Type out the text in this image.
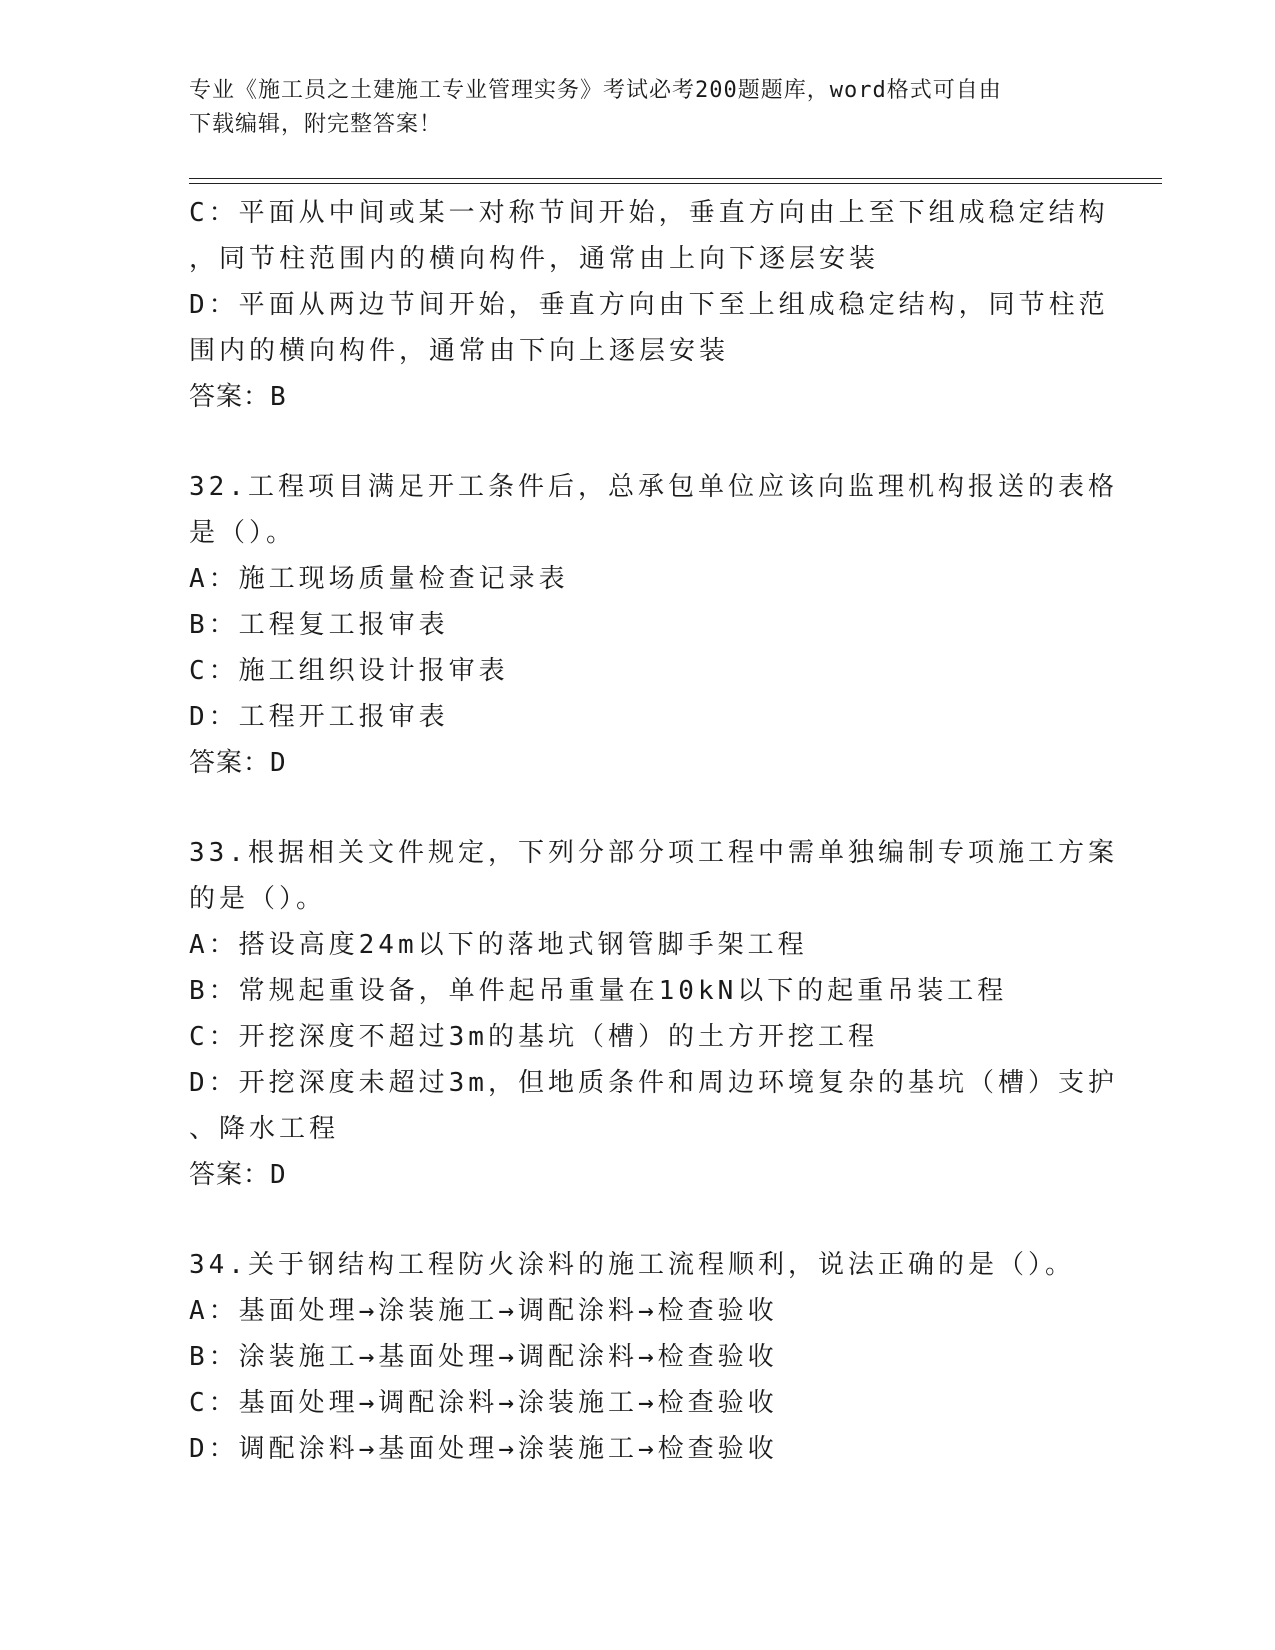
专业《施工员之土建施工专业管理实务》考试必考200题题库，word格式可自由
下载编辑，附完整答案！
C：平面从中间或某一对称节间开始，垂直方向由上至下组成稳定结构
，同节柱范围内的横向构件，通常由上向下逐层安装
D：平面从两边节间开始，垂直方向由下至上组成稳定结构，同节柱范
围内的横向构件，通常由下向上逐层安装
答案：B
32.工程项目满足开工条件后，总承包单位应该向监理机构报送的表格
是（）。
A：施工现场质量检查记录表
B：工程复工报审表
C：施工组织设计报审表
D：工程开工报审表
答案：D
33.根据相关文件规定，下列分部分项工程中需单独编制专项施工方案
的是（）。
A：搭设高度24m以下的落地式钢管脚手架工程
B：常规起重设备，单件起吊重量在10kN以下的起重吊装工程
C：开挖深度不超过3m的基坑（槽）的土方开挖工程
D：开挖深度未超过3m，但地质条件和周边环境复杂的基坑（槽）支护
、降水工程
答案：D
34.关于钢结构工程防火涂料的施工流程顺利，说法正确的是（）。
A：基面处理→涂装施工→调配涂料→检查验收
B：涂装施工→基面处理→调配涂料→检查验收
C：基面处理→调配涂料→涂装施工→检查验收
D：调配涂料→基面处理→涂装施工→检查验收
